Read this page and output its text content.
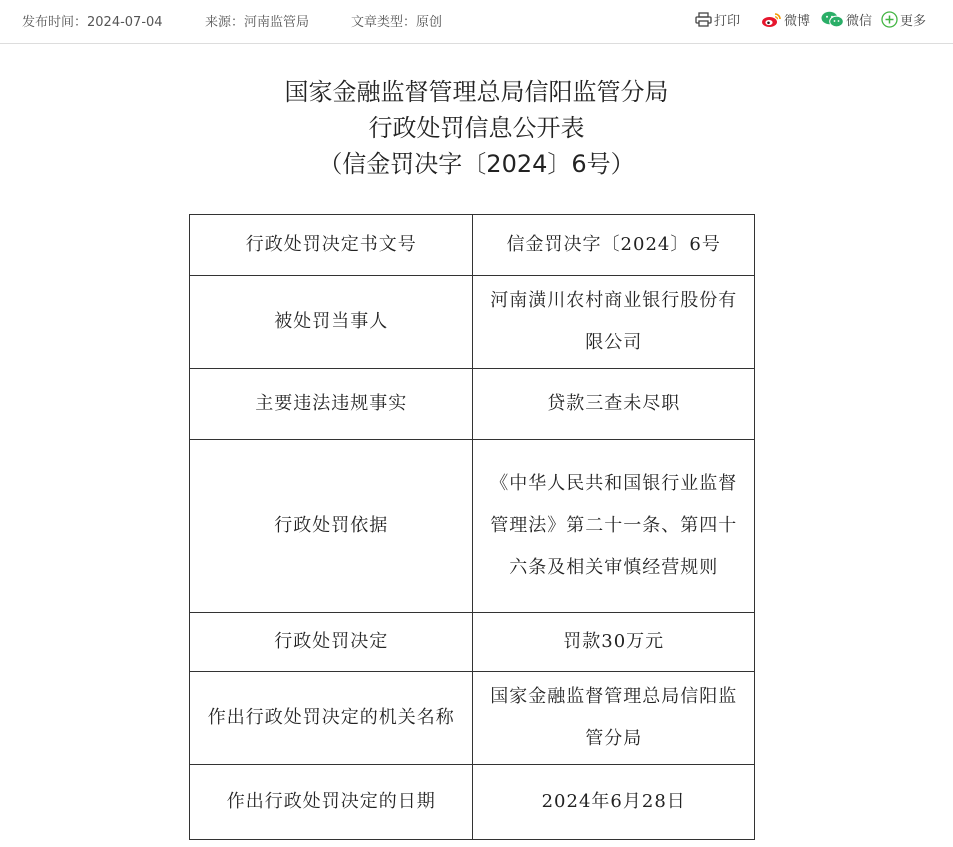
发布时间：2024-07-04	来源：河南监管局	文章类型：原创	打印	微博	微信 更多
国家金融监督管理总局信阳监管分局
行政处罚信息公开表
（信金罚决字〔2024〕6号）
行政处罚决定书文号	信金罚决字〔2024〕6号
被处罚当事人	河南潢川农村商业银行股份有限公司
主要违法违规事实	贷款三查未尽职
行政处罚依据	《中华人民共和国银行业监督管理法》第二十一条、第四十六条及相关审慎经营规则
行政处罚决定	罚款30万元
作出行政处罚决定的机关名称	国家金融监督管理总局信阳监管分局
作出行政处罚决定的日期	2024年6月28日
